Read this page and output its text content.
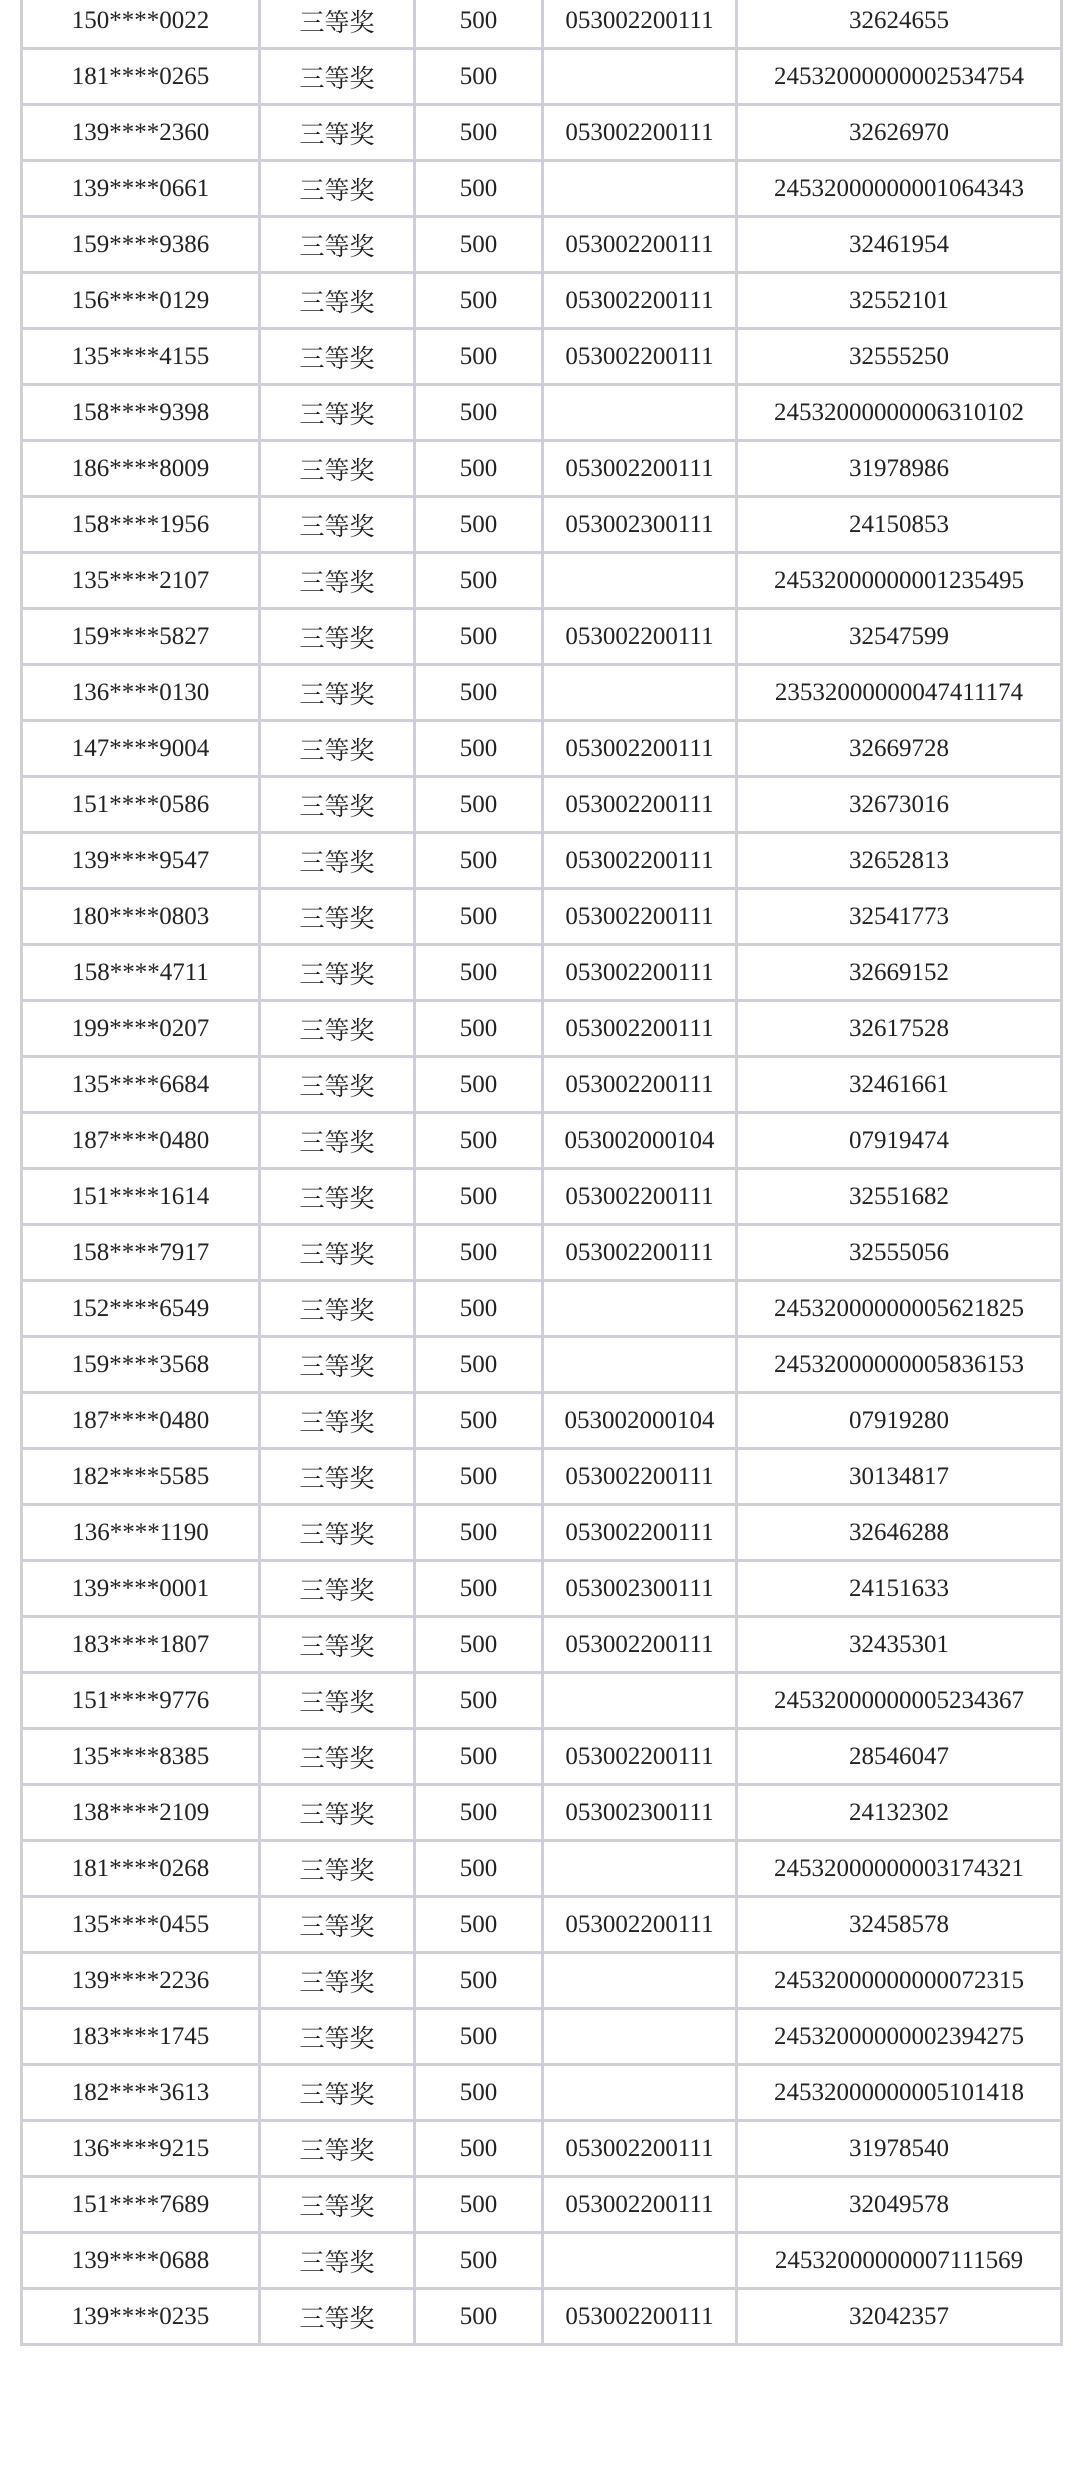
150****0022	三等奖	500	053002200111	32624655
181****0265	三等奖	500		24532000000002534754
139****2360	三等奖	500	053002200111	32626970
139****0661	三等奖	500		24532000000001064343
159****9386	三等奖	500	053002200111	32461954
156****0129	三等奖	500	053002200111	32552101
135****4155	三等奖	500	053002200111	32555250
158****9398	三等奖	500		24532000000006310102
186****8009	三等奖	500	053002200111	31978986
158****1956	三等奖	500	053002300111	24150853
135****2107	三等奖	500		24532000000001235495
159****5827	三等奖	500	053002200111	32547599
136****0130	三等奖	500		23532000000047411174
147****9004	三等奖	500	053002200111	32669728
151****0586	三等奖	500	053002200111	32673016
139****9547	三等奖	500	053002200111	32652813
180****0803	三等奖	500	053002200111	32541773
158****4711	三等奖	500	053002200111	32669152
199****0207	三等奖	500	053002200111	32617528
135****6684	三等奖	500	053002200111	32461661
187****0480	三等奖	500	053002000104	07919474
151****1614	三等奖	500	053002200111	32551682
158****7917	三等奖	500	053002200111	32555056
152****6549	三等奖	500		24532000000005621825
159****3568	三等奖	500		24532000000005836153
187****0480	三等奖	500	053002000104	07919280
182****5585	三等奖	500	053002200111	30134817
136****1190	三等奖	500	053002200111	32646288
139****0001	三等奖	500	053002300111	24151633
183****1807	三等奖	500	053002200111	32435301
151****9776	三等奖	500		24532000000005234367
135****8385	三等奖	500	053002200111	28546047
138****2109	三等奖	500	053002300111	24132302
181****0268	三等奖	500		24532000000003174321
135****0455	三等奖	500	053002200111	32458578
139****2236	三等奖	500		24532000000000072315
183****1745	三等奖	500		24532000000002394275
182****3613	三等奖	500		24532000000005101418
136****9215	三等奖	500	053002200111	31978540
151****7689	三等奖	500	053002200111	32049578
139****0688	三等奖	500		24532000000007111569
139****0235	三等奖	500	053002200111	32042357
